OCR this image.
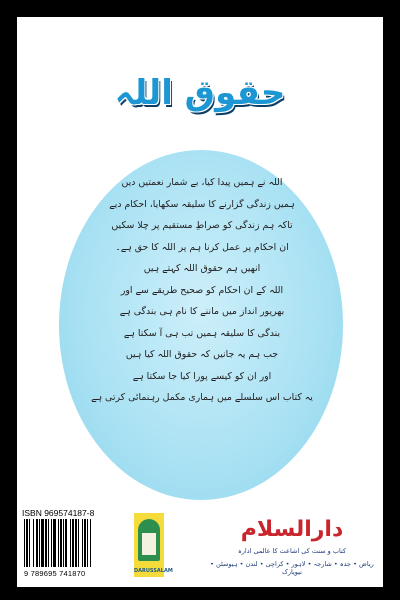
حقوق اللہ
اللہ نے ہمیں پیدا کیا، بے شمار نعمتیں دیں
ہمیں زندگی گزارنے کا سلیقہ سکھایا، احکام دیے
تاکہ ہم زندگی کو صراطِ مستقیم پر چلا سکیں
ان احکام پر عمل کرنا ہم پر اللہ کا حق ہے۔
انھیں ہم حقوق اللہ کہتے ہیں
اللہ کے ان احکام کو صحیح طریقے سے اور
بھرپور انداز میں ماننے کا نام ہی بندگی ہے
بندگی کا سلیقہ ہمیں تب ہی آ سکتا ہے
جب ہم یہ جانیں کہ حقوق اللہ کیا ہیں
اور ان کو کیسے پورا کیا جا سکتا ہے
یہ کتاب اس سلسلے میں ہماری مکمل رہنمائی کرتی ہے
ISBN 969574187-8
9 789695 741870	DARUSSALAM
دارالسلام
کتاب و سنت کی اشاعت کا عالمی ادارہ
ریاض • جدہ • شارجہ • لاہور • کراچی • لندن • ہیوسٹن • نیویارک
